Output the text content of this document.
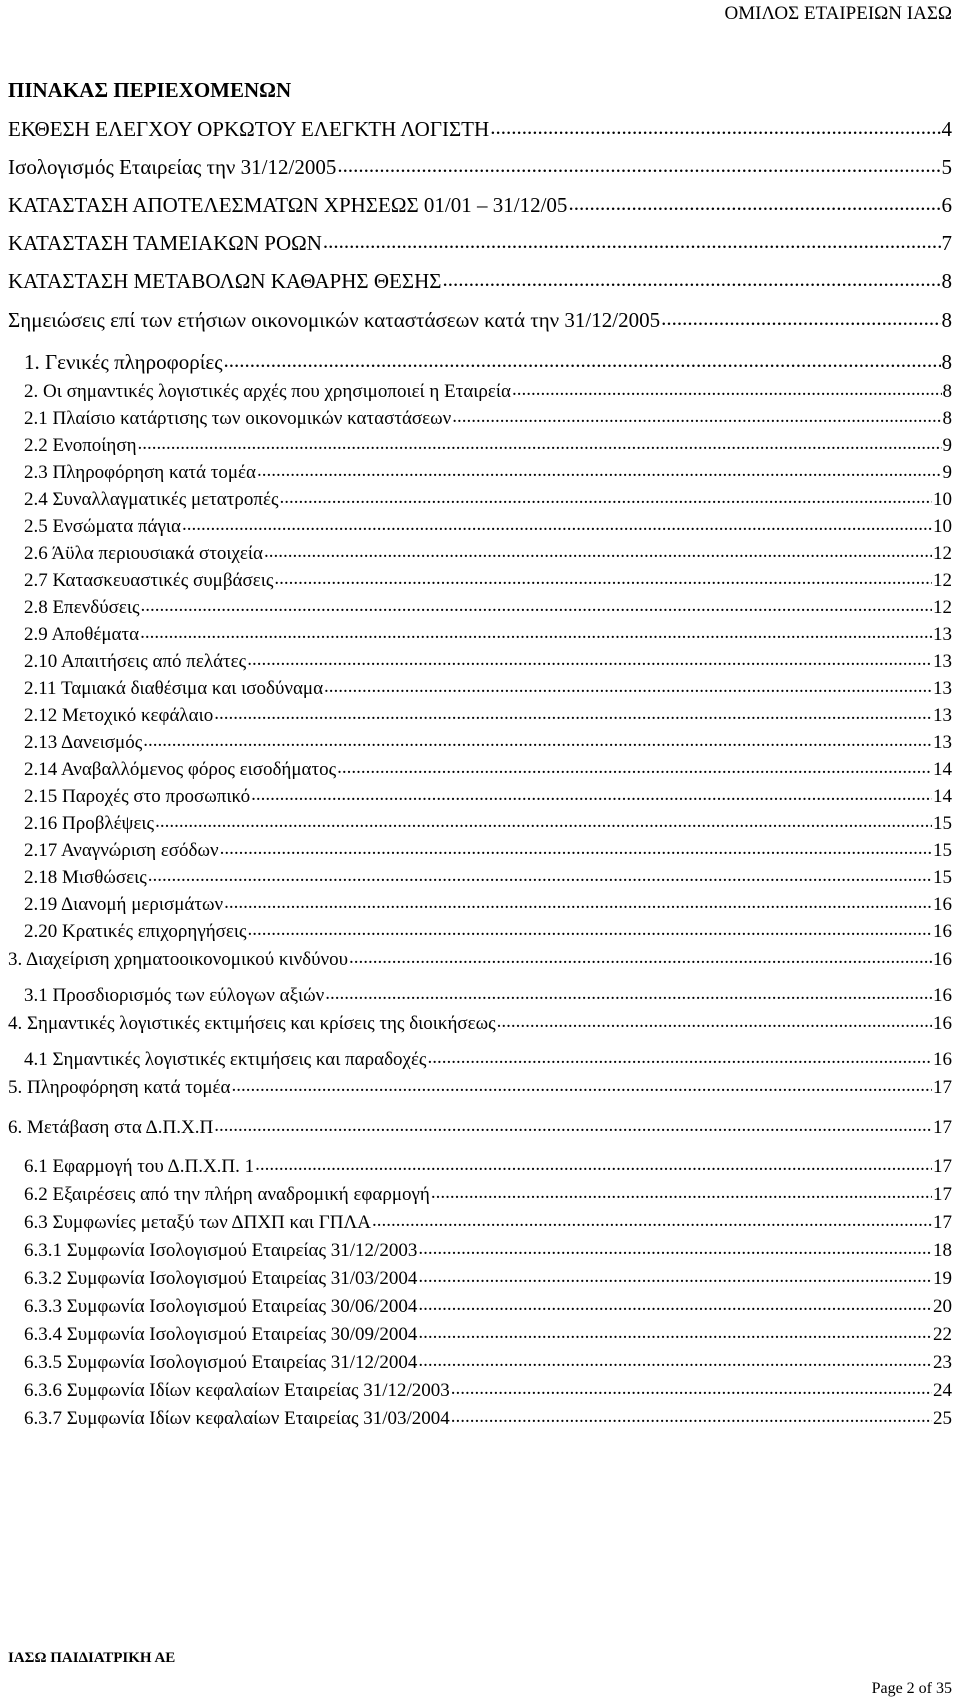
ΟΜΙΛΟΣ ΕΤΑΙΡΕΙΩΝ ΙΑΣΩ
ΠΙΝΑΚΑΣ ΠΕΡΙΕΧΟΜΕΝΩΝ
ΕΚΘΕΣΗ ΕΛΕΓΧΟΥ ΟΡΚΩΤΟΥ ΕΛΕΓΚΤΗ ΛΟΓΙΣΤΗ .....	4
Ισολογισμός Εταιρείας την 31/12/2005 .....	5
ΚΑΤΑΣΤΑΣΗ ΑΠΟΤΕΛΕΣΜΑΤΩΝ ΧΡΗΣΕΩΣ 01/01 – 31/12/05 .....	6
ΚΑΤΑΣΤΑΣΗ ΤΑΜΕΙΑΚΩΝ ΡΟΩΝ .....	7
ΚΑΤΑΣΤΑΣΗ ΜΕΤΑΒΟΛΩΝ ΚΑΘΑΡΗΣ ΘΕΣΗΣ .....	8
Σημειώσεις επί των ετήσιων οικονομικών καταστάσεων κατά την 31/12/2005 .....	8
1. Γενικές πληροφορίες .....	8
2. Οι σημαντικές λογιστικές αρχές που χρησιμοποιεί η Εταιρεία .....	8
2.1 Πλαίσιο κατάρτισης των οικονομικών καταστάσεων .....	8
2.2 Ενοποίηση .....	9
2.3 Πληροφόρηση κατά τομέα .....	9
2.4 Συναλλαγματικές μετατροπές .....	10
2.5 Ενσώματα πάγια .....	10
2.6 Άϋλα περιουσιακά στοιχεία .....	12
2.7 Κατασκευαστικές συμβάσεις .....	12
2.8 Επενδύσεις .....	12
2.9 Αποθέματα .....	13
2.10 Απαιτήσεις από πελάτες .....	13
2.11 Ταμιακά διαθέσιμα και ισοδύναμα .....	13
2.12 Μετοχικό κεφάλαιο .....	13
2.13 Δανεισμός .....	13
2.14 Αναβαλλόμενος φόρος εισοδήματος .....	14
2.15 Παροχές στο προσωπικό .....	14
2.16 Προβλέψεις .....	15
2.17 Αναγνώριση εσόδων .....	15
2.18 Μισθώσεις .....	15
2.19 Διανομή μερισμάτων .....	16
2.20 Κρατικές επιχορηγήσεις .....	16
3. Διαχείριση χρηματοοικονομικού κινδύνου .....	16
3.1 Προσδιορισμός των εύλογων αξιών .....	16
4. Σημαντικές λογιστικές εκτιμήσεις και κρίσεις της διοικήσεως .....	16
4.1 Σημαντικές λογιστικές εκτιμήσεις και παραδοχές .....	16
5. Πληροφόρηση κατά τομέα .....	17
6. Μετάβαση στα Δ.Π.Χ.Π .....	17
6.1 Εφαρμογή του Δ.Π.Χ.Π. 1 .....	17
6.2 Εξαιρέσεις από την πλήρη αναδρομική εφαρμογή .....	17
6.3 Συμφωνίες μεταξύ των ΔΠΧΠ και ΓΠΛΑ .....	17
6.3.1 Συμφωνία Ισολογισμού Εταιρείας 31/12/2003 .....	18
6.3.2 Συμφωνία Ισολογισμού Εταιρείας 31/03/2004 .....	19
6.3.3 Συμφωνία Ισολογισμού Εταιρείας 30/06/2004 .....	20
6.3.4 Συμφωνία Ισολογισμού Εταιρείας 30/09/2004 .....	22
6.3.5 Συμφωνία Ισολογισμού Εταιρείας 31/12/2004 .....	23
6.3.6 Συμφωνία Ιδίων κεφαλαίων Εταιρείας 31/12/2003 .....	24
6.3.7 Συμφωνία Ιδίων κεφαλαίων Εταιρείας 31/03/2004 .....	25
ΙΑΣΩ ΠΑΙΔΙΑΤΡΙΚΗ ΑΕ
Page 2 of 35
